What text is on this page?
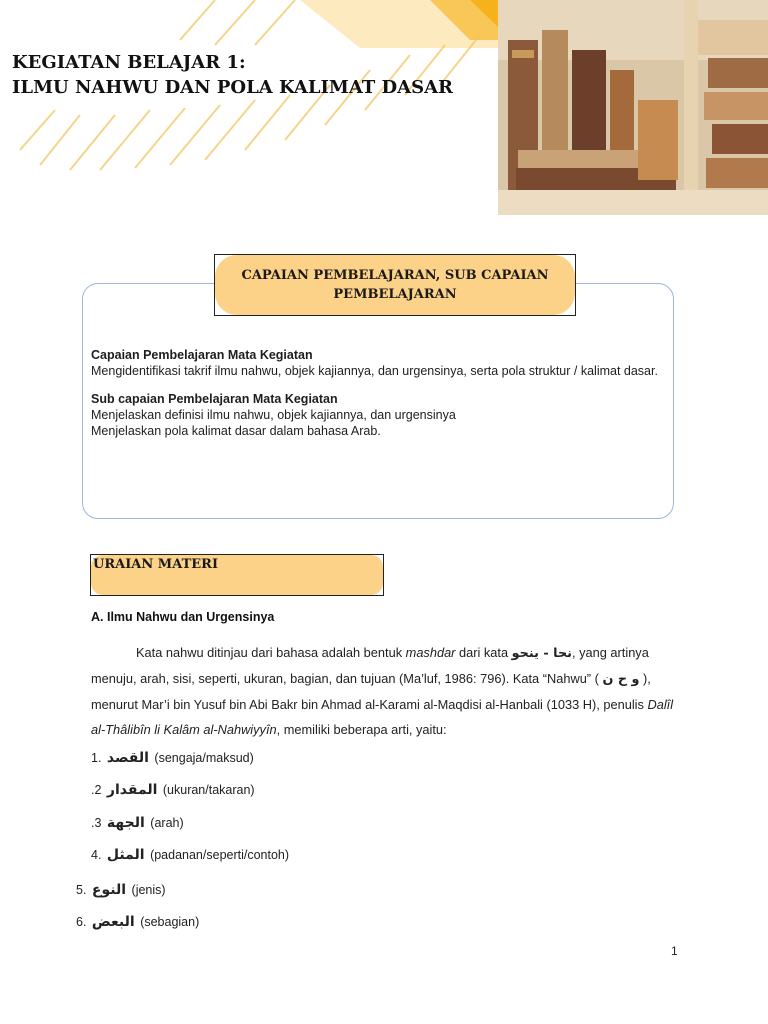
KEGIATAN BELAJAR 1:
ILMU NAHWU DAN POLA KALIMAT DASAR
CAPAIAN PEMBELAJARAN, SUB CAPAIAN PEMBELAJARAN
Capaian Pembelajaran Mata Kegiatan
Mengidentifikasi takrif ilmu nahwu, objek kajiannya, dan urgensinya, serta pola struktur / kalimat dasar.
Sub capaian Pembelajaran Mata Kegiatan
Menjelaskan definisi ilmu nahwu, objek kajiannya, dan urgensinya
Menjelaskan pola kalimat dasar dalam bahasa Arab.
URAIAN MATERI
A. Ilmu Nahwu dan Urgensinya

Kata nahwu ditinjau dari bahasa adalah bentuk mashdar dari kata نحا - ينحو, yang artinya menuju, arah, sisi, seperti, ukuran, bagian, dan tujuan (Ma’luf, 1986: 796). Kata “Nahwu” ( و ح ن ), menurut Mar’i bin Yusuf bin Abi Bakr bin Ahmad al-Karami al-Maqdisi al-Hanbali (1033 H), penulis Dalîl al-Thâlibîn li Kalâm al-Nahwiyyîn, memiliki beberapa arti, yaitu:

1. القصد (sengaja/maksud)
.2 المقدار (ukuran/takaran)
.3 الجهة (arah)
4. المثل (padanan/seperti/contoh)
5. النوع (jenis)
6. البعض (sebagian)
1
